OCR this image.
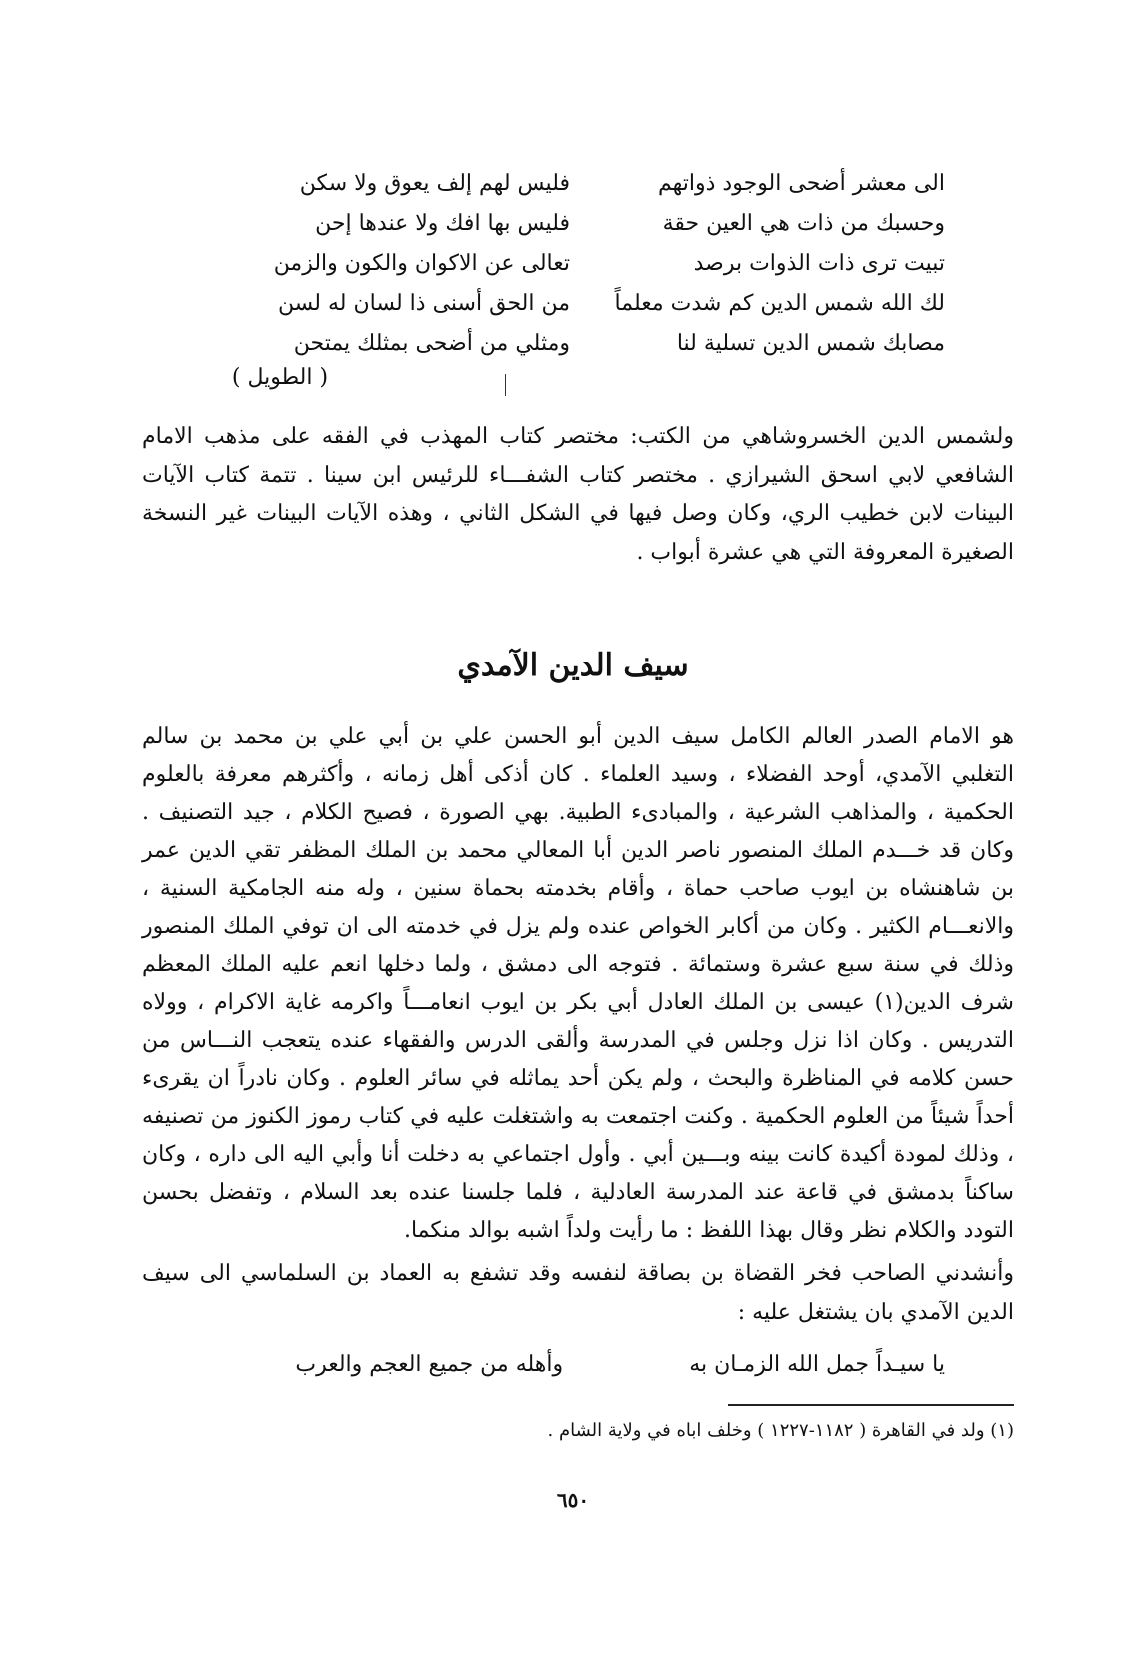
الى معشر أضحى الوجود ذواتهم
فليس لهم إلف يعوق ولا سكن
وحسبك من ذات هي العين حقة
فليس بها افك ولا عندها إحن
تبيت ترى ذات الذوات برصد
تعالى عن الاكوان والكون والزمن
لك الله شمس الدين كم شدت معلماً
من الحق أسنى ذا لسان له لسن
مصابك شمس الدين تسلية لنا
ومثلي من أضحى بمثلك يمتحن
( الطويل )
ولشمس الدين الخسروشاهي من الكتب: مختصر كتاب المهذب في الفقه على مذهب الامام الشافعي لابي اسحق الشيرازي . مختصر كتاب الشفـــاء للرئيس ابن سينا . تتمة كتاب الآيات البينات لابن خطيب الري، وكان وصل فيها في الشكل الثاني ، وهذه الآيات البينات غير النسخة الصغيرة المعروفة التي هي عشرة أبواب .
سيف الدين الآمدي
هو الامام الصدر العالم الكامل سيف الدين أبو الحسن علي بن أبي علي بن محمد بن سالم التغلبي الآمدي، أوحد الفضلاء ، وسيد العلماء . كان أذكى أهل زمانه ، وأكثرهم معرفة بالعلوم الحكمية ، والمذاهب الشرعية ، والمبادىء الطبية. بهي الصورة ، فصيح الكلام ، جيد التصنيف . وكان قد خـــدم الملك المنصور ناصر الدين أبا المعالي محمد بن الملك المظفر تقي الدين عمر بن شاهنشاه بن ايوب صاحب حماة ، وأقام بخدمته بحماة سنين ، وله منه الجامكية السنية ، والانعـــام الكثير . وكان من أكابر الخواص عنده ولم يزل في خدمته الى ان توفي الملك المنصور وذلك في سنة سبع عشرة وستمائة . فتوجه الى دمشق ، ولما دخلها انعم عليه الملك المعظم شرف الدين(١) عيسى بن الملك العادل أبي بكر بن ايوب انعامـــاً واكرمه غاية الاكرام ، وولاه التدريس . وكان اذا نزل وجلس في المدرسة وألقى الدرس والفقهاء عنده يتعجب النـــاس من حسن كلامه في المناظرة والبحث ، ولم يكن أحد يماثله في سائر العلوم . وكان نادراً ان يقرىء أحداً شيئاً من العلوم الحكمية . وكنت اجتمعت به واشتغلت عليه في كتاب رموز الكنوز من تصنيفه ، وذلك لمودة أكيدة كانت بينه وبـــين أبي . وأول اجتماعي به دخلت أنا وأبي اليه الى داره ، وكان ساكناً بدمشق في قاعة عند المدرسة العادلية ، فلما جلسنا عنده بعد السلام ، وتفضل بحسن التودد والكلام نظر وقال بهذا اللفظ : ما رأيت ولداً اشبه بوالد منكما.
وأنشدني الصاحب فخر القضاة بن بصاقة لنفسه وقد تشفع به العماد بن السلماسي الى سيف الدين الآمدي بان يشتغل عليه :
يا سيـداً جمل الله الزمـان به
وأهله من جميع العجم والعرب
(١) ولد في القاهرة ( ١١٨٢-١٢٢٧ ) وخلف اباه في ولاية الشام .
٦٥٠
